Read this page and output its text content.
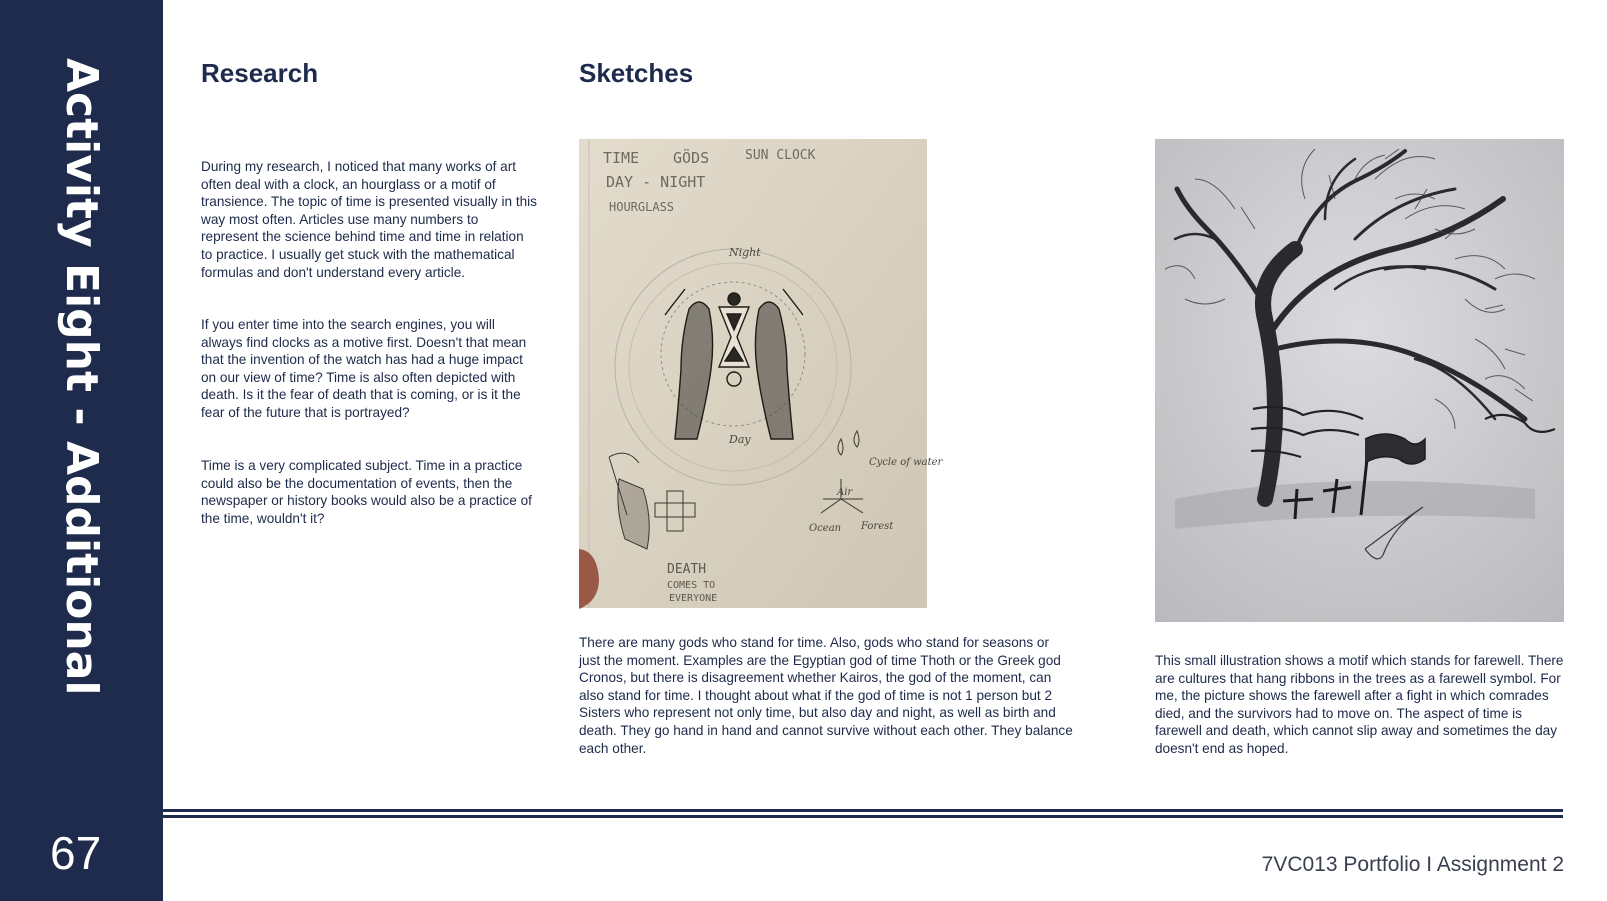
Activity Eight - Additional
67
Research	Sketches

During my research, I noticed that many works of art often deal with a clock, an hourglass or a motif of transience. The topic of time is presented visually in this way most often. Articles use many numbers to represent the science behind time and time in relation to practice. I usually get stuck with the mathematical formulas and don't understand every article.

If you enter time into the search engines, you will always find clocks as a motive first. Doesn't that mean that the invention of the watch has had a huge impact on our view of time? Time is also often depicted with death. Is it the fear of death that is coming, or is it the fear of the future that is portrayed?

Time is a very complicated subject. Time in a practice could also be the documentation of events, then the newspaper or history books would also be a practice of the time, wouldn't it?

TIME GÖDS	SUN CLOCK
DAY - NIGHT
HOURGLASS
Night
Day
Cycle of water
Air
Ocean Forest
DEATH
COMES TO
EVERYONE

There are many gods who stand for time. Also, gods who stand for seasons or just the moment. Examples are the Egyptian god of time Thoth or the Greek god Cronos, but there is disagreement whether Kairos, the god of the moment, can also stand for time. I thought about what if the god of time is not 1 person but 2 Sisters who represent not only time, but also day and night, as well as birth and death. They go hand in hand and cannot survive without each other. They balance each other.

This small illustration shows a motif which stands for farewell. There are cultures that hang ribbons in the trees as a farewell symbol. For me, the picture shows the farewell after a fight in which comrades died, and the survivors had to move on. The aspect of time is farewell and death, which cannot slip away and sometimes the day doesn't end as hoped.

7VC013 Portfolio I Assignment 2
